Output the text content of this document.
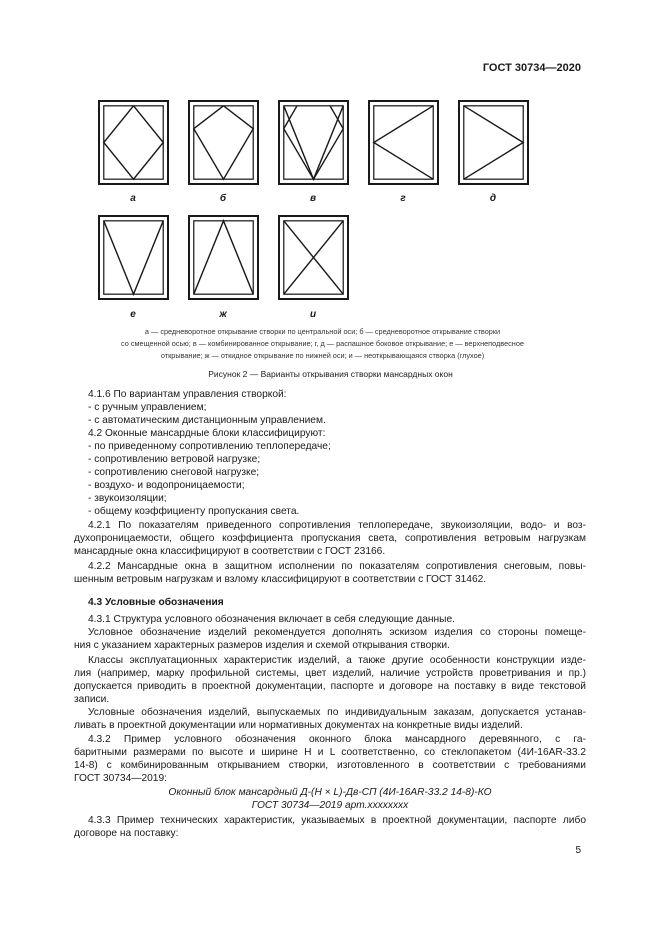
ГОСТ 30734—2020
а	б	в	г	д
е	ж	и
а — средневоротное открывание створки по центральной оси; б — средневоротное открывание створки
со смещенной осью; в — комбинированное открывание; г, д — распашное боковое открывание; е — верхнеподвесное
открывание; ж — откидное открывание по нижней оси; и — неоткрывающаяся створка (глухое)
Рисунок 2 — Варианты открывания створки мансардных окон
4.1.6 По вариантам управления створкой:
- с ручным управлением;
- с автоматическим дистанционным управлением.
4.2 Оконные мансардные блоки классифицируют:
- по приведенному сопротивлению теплопередаче;
- сопротивлению ветровой нагрузке;
- сопротивлению снеговой нагрузке;
- воздухо- и водопроницаемости;
- звукоизоляции;
- общему коэффициенту пропускания света.
4.2.1 По показателям приведенного сопротивления теплопередаче, звукоизоляции, водо- и воз-
духопроницаемости, общего коэффициента пропускания света, сопротивления ветровым нагрузкам
мансардные окна классифицируют в соответствии с ГОСТ 23166.
4.2.2 Мансардные окна в защитном исполнении по показателям сопротивления снеговым, повы-
шенным ветровым нагрузкам и взлому классифицируют в соответствии с ГОСТ 31462.
4.3 Условные обозначения
4.3.1 Структура условного обозначения включает в себя следующие данные.
Условное обозначение изделий рекомендуется дополнять эскизом изделия со стороны помеще-
ния с указанием характерных размеров изделия и схемой открывания створки.
Классы эксплуатационных характеристик изделий, а также другие особенности конструкции изде-
лия (например, марку профильной системы, цвет изделий, наличие устройств проветривания и пр.)
допускается приводить в проектной документации, паспорте и договоре на поставку в виде текстовой
записи.
Условные обозначения изделий, выпускаемых по индивидуальным заказам, допускается устанав-
ливать в проектной документации или нормативных документах на конкретные виды изделий.
4.3.2 Пример условного обозначения оконного блока мансардного деревянного, с га-
баритными размерами по высоте и ширине H и L соответственно, со стеклопакетом (4И-16AR-33.2
14-8) с комбинированным открыванием створки, изготовленного в соответствии с требованиями
ГОСТ 30734—2019:
Оконный блок мансардный Д-(H × L)-Дв-СП (4И-16AR-33.2 14-8)-КО
ГОСТ 30734—2019 арт.xxxxxxxx
4.3.3 Пример технических характеристик, указываемых в проектной документации, паспорте либо
договоре на поставку:
5
